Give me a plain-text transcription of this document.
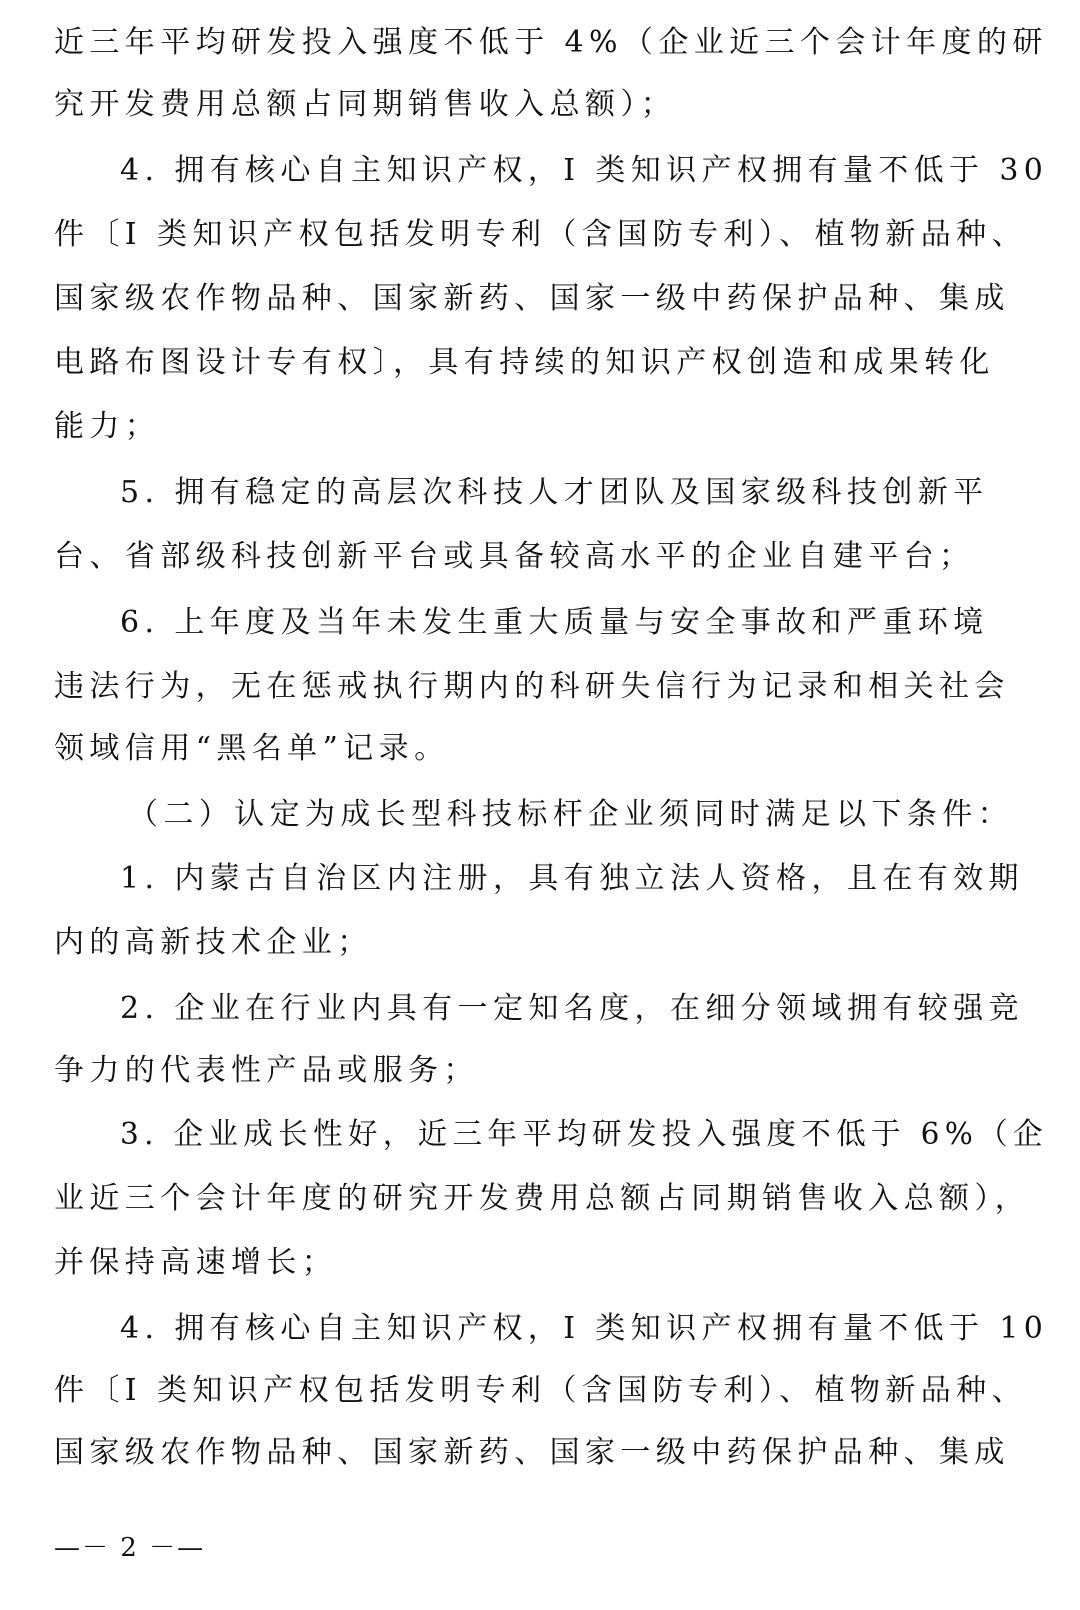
近三年平均研发投入强度不低于 4%（企业近三个会计年度的研
究开发费用总额占同期销售收入总额）；
4. 拥有核心自主知识产权，I 类知识产权拥有量不低于 30
件〔I 类知识产权包括发明专利（含国防专利）、植物新品种、
国家级农作物品种、国家新药、国家一级中药保护品种、集成
电路布图设计专有权〕，具有持续的知识产权创造和成果转化
能力；
5. 拥有稳定的高层次科技人才团队及国家级科技创新平
台、省部级科技创新平台或具备较高水平的企业自建平台；
6. 上年度及当年未发生重大质量与安全事故和严重环境
违法行为，无在惩戒执行期内的科研失信行为记录和相关社会
领域信用“黑名单”记录。
（二）认定为成长型科技标杆企业须同时满足以下条件：
1. 内蒙古自治区内注册，具有独立法人资格，且在有效期
内的高新技术企业；
2. 企业在行业内具有一定知名度，在细分领域拥有较强竞
争力的代表性产品或服务；
3. 企业成长性好，近三年平均研发投入强度不低于 6%（企
业近三个会计年度的研究开发费用总额占同期销售收入总额），
并保持高速增长；
4. 拥有核心自主知识产权，I 类知识产权拥有量不低于 10
件〔I 类知识产权包括发明专利（含国防专利）、植物新品种、
国家级农作物品种、国家新药、国家一级中药保护品种、集成
—－ 2 －—
